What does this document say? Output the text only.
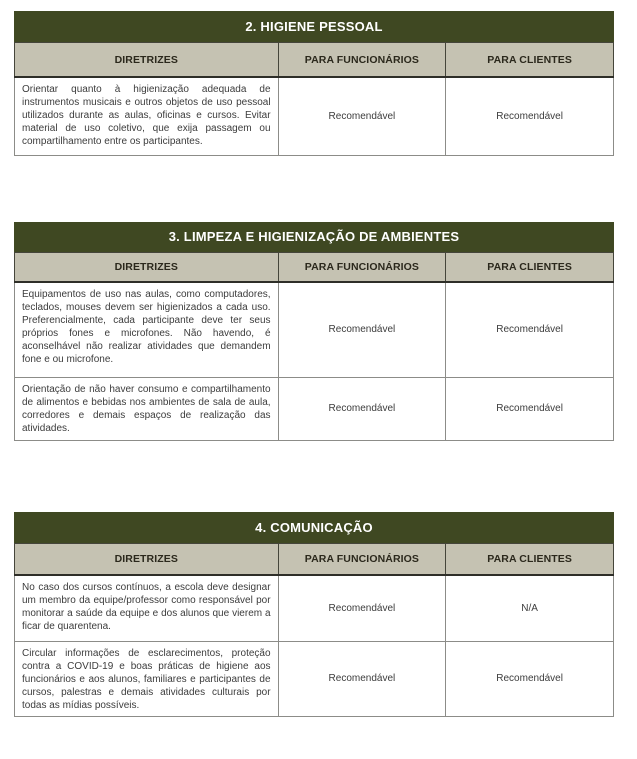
2. HIGIENE PESSOAL
DIRETRIZES	PARA FUNCIONÁRIOS	PARA CLIENTES
Orientar quanto à higienização adequada de instrumentos musicais e outros objetos de uso pessoal utilizados durante as aulas, oficinas e cursos. Evitar material de uso coletivo, que exija passagem ou compartilhamento entre os participantes.	Recomendável	Recomendável
3. LIMPEZA E HIGIENIZAÇÃO DE AMBIENTES
DIRETRIZES	PARA FUNCIONÁRIOS	PARA CLIENTES
Equipamentos de uso nas aulas, como computadores, teclados, mouses devem ser higienizados a cada uso. Preferencialmente, cada participante deve ter seus próprios fones e microfones. Não havendo, é aconselhável não realizar atividades que demandem fone e ou microfone.	Recomendável	Recomendável
Orientação de não haver consumo e compartilhamento de alimentos e bebidas nos ambientes de sala de aula, corredores e demais espaços de realização das atividades.	Recomendável	Recomendável
4. COMUNICAÇÃO
DIRETRIZES	PARA FUNCIONÁRIOS	PARA CLIENTES
No caso dos cursos contínuos, a escola deve designar um membro da equipe/professor como responsável por monitorar a saúde da equipe e dos alunos que vierem a ficar de quarentena.	Recomendável	N/A
Circular informações de esclarecimentos, proteção contra a COVID-19 e boas práticas de higiene aos funcionários e aos alunos, familiares e participantes de cursos, palestras e demais atividades culturais por todas as mídias possíveis.	Recomendável	Recomendável
